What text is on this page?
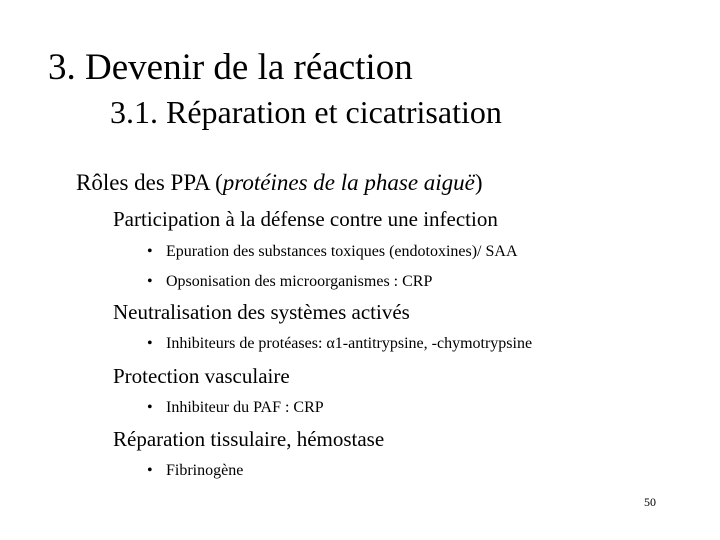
3. Devenir de la réaction
3.1. Réparation et cicatrisation
Rôles des PPA (protéines de la phase aiguë)
Participation à la défense contre une infection
• Epuration des substances toxiques (endotoxines)/ SAA
• Opsonisation des microorganismes : CRP
Neutralisation des systèmes activés
• Inhibiteurs de protéases: α1-antitrypsine, -chymotrypsine
Protection vasculaire
• Inhibiteur du PAF : CRP
Réparation tissulaire, hémostase
• Fibrinogène
50
